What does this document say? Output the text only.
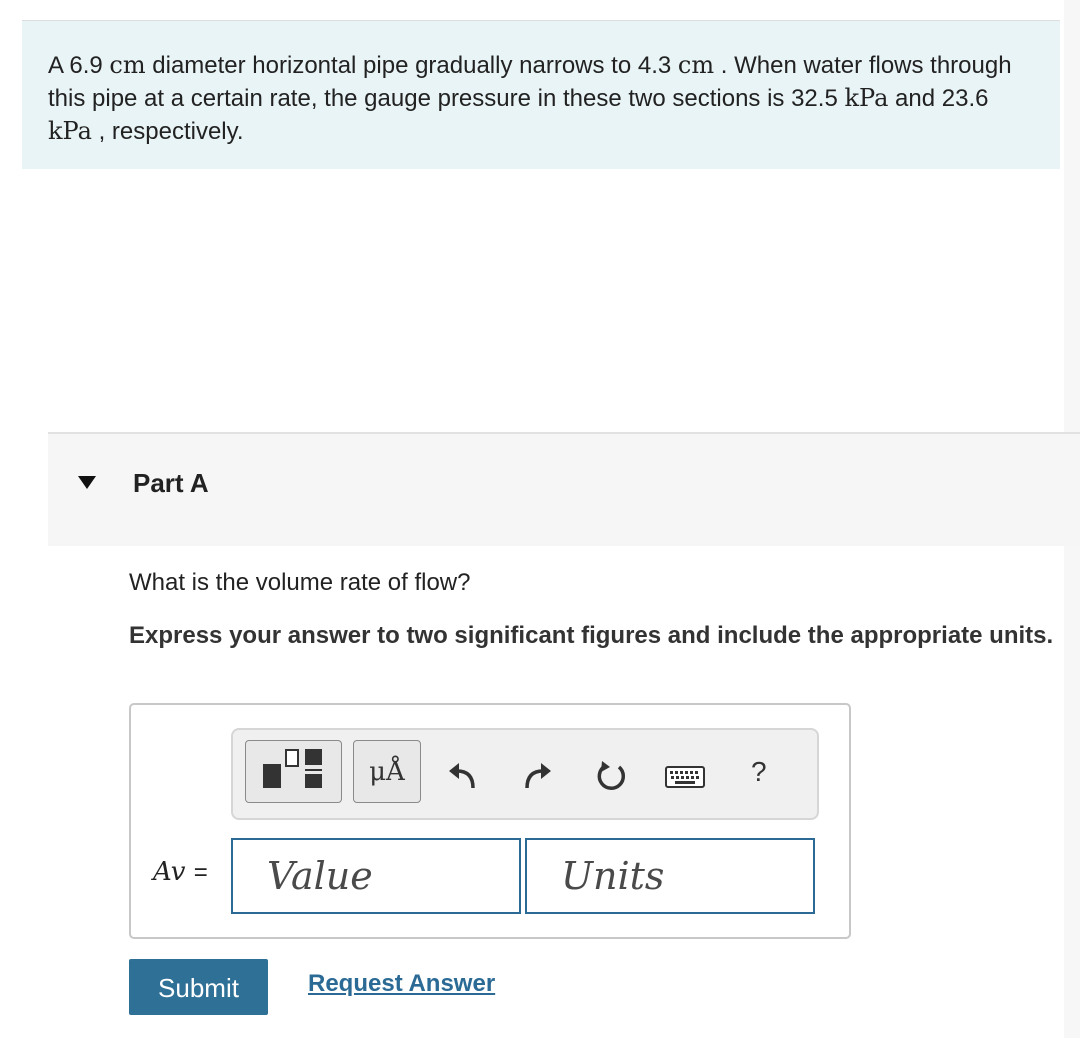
A 6.9 cm diameter horizontal pipe gradually narrows to 4.3 cm . When water flows through this pipe at a certain rate, the gauge pressure in these two sections is 32.5 kPa and 23.6 kPa , respectively.
Part A
What is the volume rate of flow?
Express your answer to two significant figures and include the appropriate units.
μÅ	?
Av =
Value
Units
Submit	Request Answer
